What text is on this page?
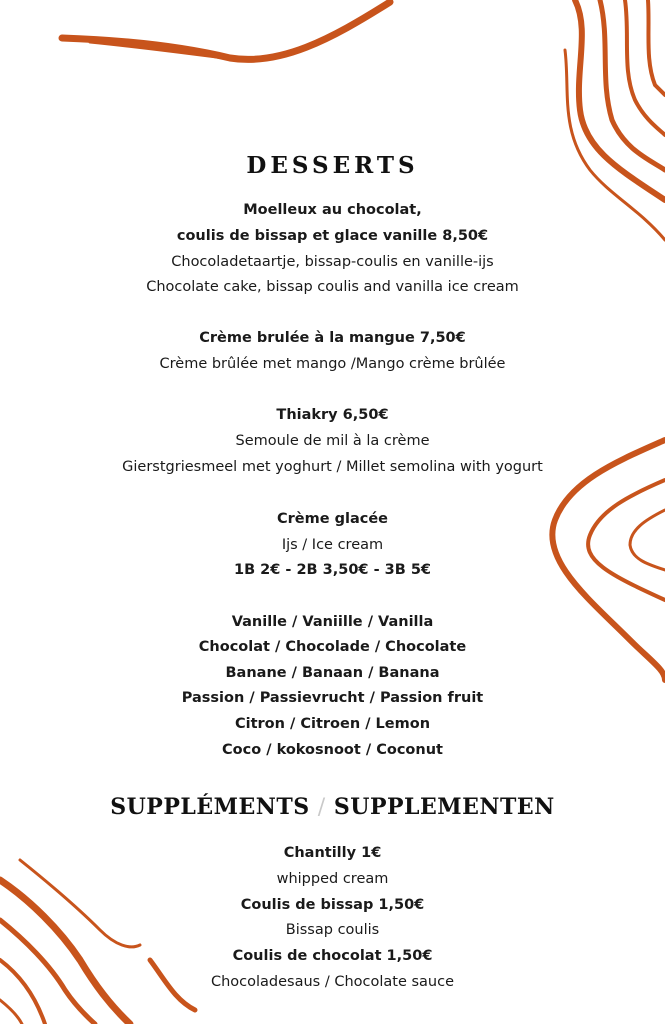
DESSERTS
Moelleux au chocolat,
coulis de bissap et glace vanille 8,50€
Chocoladetaartje, bissap-coulis en vanille-ijs
Chocolate cake, bissap coulis and vanilla ice cream
Crème brulée à la mangue 7,50€
Crème brûlée met mango /Mango crème brûlée
Thiakry 6,50€
Semoule de mil à la crème
Gierstgriesmeel met yoghurt / Millet semolina with yogurt
Crème glacée
Ijs / Ice cream
1B 2€ - 2B 3,50€ - 3B 5€
Vanille / Vaniille / Vanilla
Chocolat / Chocolade / Chocolate
Banane / Banaan / Banana
Passion / Passievrucht / Passion fruit
Citron / Citroen / Lemon
Coco / kokosnoot / Coconut
SUPPLÉMENTS / SUPPLEMENTEN
Chantilly 1€
whipped cream
Coulis de bissap 1,50€
Bissap coulis
Coulis de chocolat 1,50€
Chocoladesaus / Chocolate sauce
